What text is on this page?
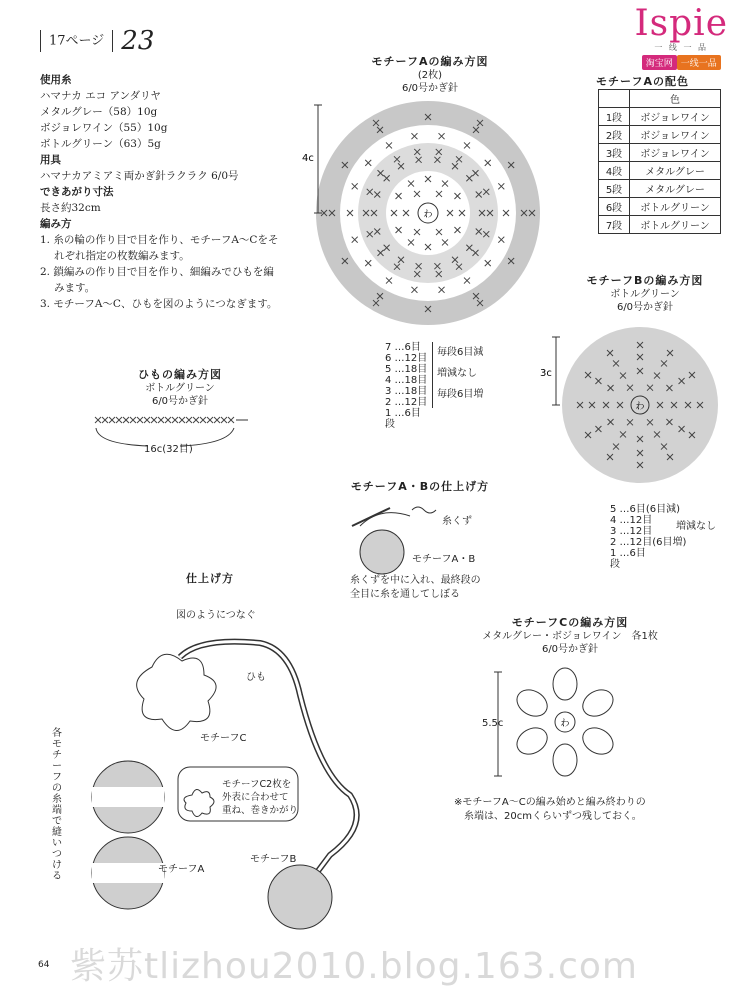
17ページ 23	Ispie
一 线 一 品
淘宝网 一线一品
使用糸
ハマナカ エコ アンダリヤ
メタルグレー（58）10g
ボジョレワイン（55）10g
ボトルグリーン（63）5g
用具
ハマナカアミアミ両かぎ針ラクラク 6/0号
できあがり寸法
長さ約32cm
編み方
1. 糸の輪の作り目で目を作り、モチーフA〜Cをそれぞれ指定の枚数編みます。
2. 鎖編みの作り目で目を作り、細編みでひもを編みます。
3. モチーフA〜C、ひもを図のようにつなぎます。
モチーフAの編み方図
(2枚)
6/0号かぎ針
わ
4c
7 …6目
6 …12目
5 …18目
4 …18目
3 …18目
2 …12目
1 …6目
段
毎段6目減
増減なし
毎段6目増
モチーフAの配色
	色
1段	ボジョレワイン
2段	ボジョレワイン
3段	ボジョレワイン
4段	メタルグレー
5段	メタルグレー
6段	ボトルグリーン
7段	ボトルグリーン
モチーフBの編み方図
ボトルグリーン
6/0号かぎ針
わ
3c
5 …6目(6目減)
4 …12目
3 …12目
2 …12目(6目増)
1 …6目
段
増減なし
ひもの編み方図
ボトルグリーン
6/0号かぎ針
16c(32目)
モチーフA・Bの仕上げ方
糸くず
モチーフA・B
糸くずを中に入れ、最終段の
全目に糸を通してしぼる
仕上げ方
図のようにつなぐ
ひも
モチーフC
モチーフA
モチーフB
各モチーフの糸端で縫いつける
モチーフC2枚を
外表に合わせて
重ね、巻きかがり
モチーフCの編み方図
メタルグレー・ボジョレワイン　各1枚
6/0号かぎ針
わ
5.5c
※モチーフA〜Cの編み始めと編み終わりの
糸端は、20cmくらいずつ残しておく。
紫苏tlizhou2010.blog.163.com
64
